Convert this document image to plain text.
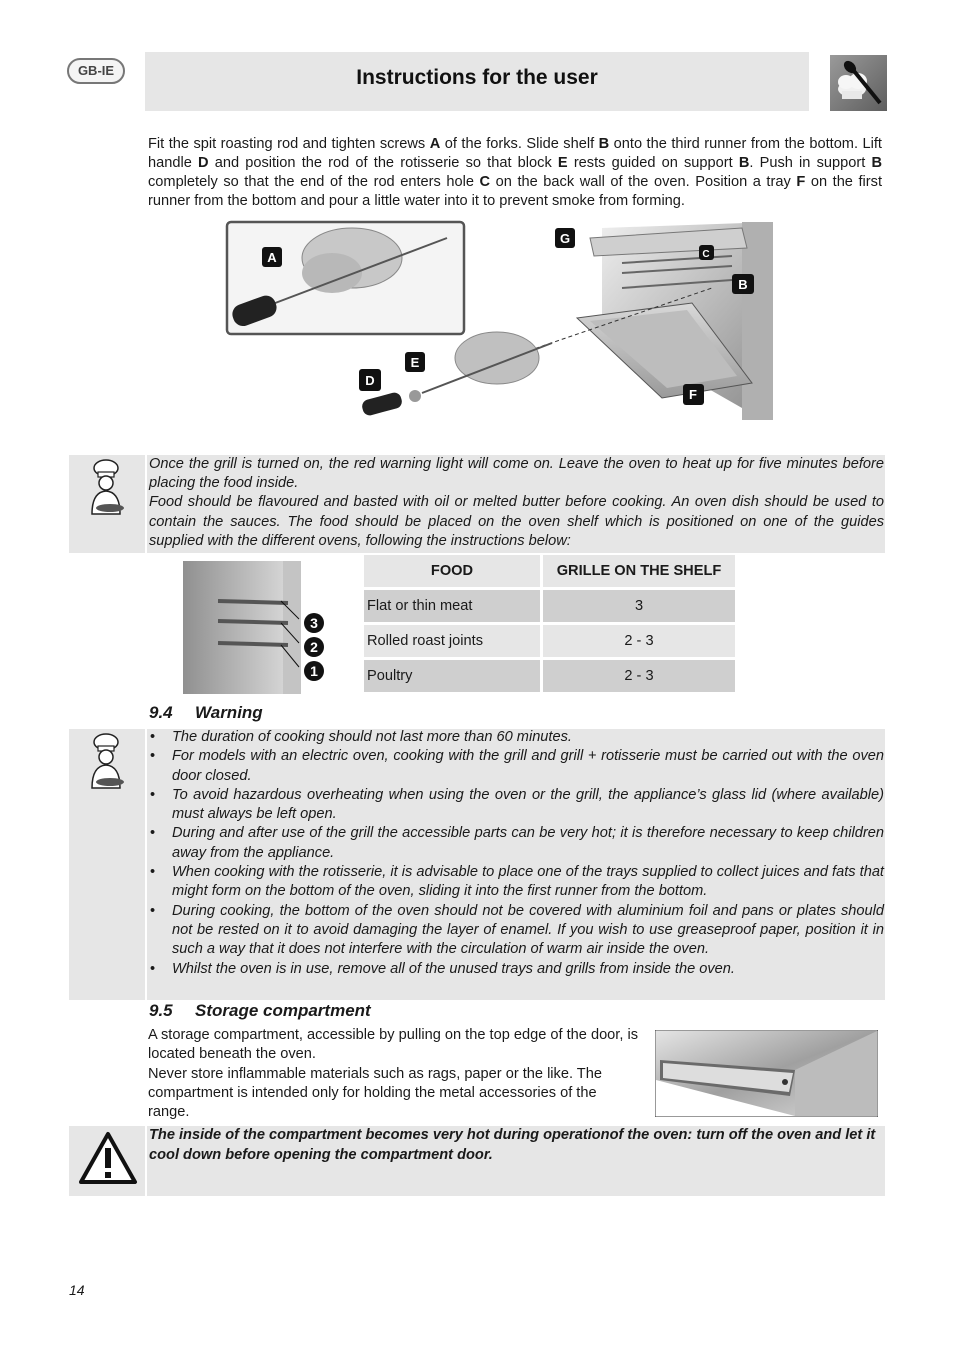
GB-IE	Instructions for the user
Fit the spit roasting rod and tighten screws A of the forks. Slide shelf B onto the third runner from the bottom. Lift handle D and position the rod of the rotisserie so that block E rests guided on support B. Push in support B completely so that the end of the rod enters hole C on the back wall of the oven. Position a tray F on the first runner from the bottom and pour a little water into it to prevent smoke from forming.
A
G
C
B
E
D
F
Once the grill is turned on, the red warning light will come on. Leave the oven to heat up for five minutes before placing the food inside.
Food should be flavoured and basted with oil or melted butter before cooking. An oven dish should be used to contain the sauces. The food should be placed on the oven shelf which is positioned on one of the guides supplied with the different ovens, following the instructions below:
3
2
1
FOOD	GRILLE ON THE SHELF
Flat or thin meat	3
Rolled roast joints	2 - 3
Poultry	2 - 3
9.4 Warning
• The duration of cooking should not last more than 60 minutes.
• For models with an electric oven, cooking with the grill and grill + rotisserie must be carried out with the oven door closed.
• To avoid hazardous overheating when using the oven or the grill, the appliance’s glass lid (where available) must always be left open.
• During and after use of the grill the accessible parts can be very hot; it is therefore necessary to keep children away from the appliance.
• When cooking with the rotisserie, it is advisable to place one of the trays supplied to collect juices and fats that might form on the bottom of the oven, sliding it into the first runner from the bottom.
• During cooking, the bottom of the oven should not be covered with aluminium foil and pans or plates should not be rested on it to avoid damaging the layer of enamel. If you wish to use greaseproof paper, position it in such a way that it does not interfere with the circulation of warm air inside the oven.
• Whilst the oven is in use, remove all of the unused trays and grills from inside the oven.
9.5 Storage compartment
A storage compartment, accessible by pulling on the top edge of the door, is located beneath the oven.
Never store inflammable materials such as rags, paper or the like. The compartment is intended only for holding the metal accessories of the range.
The inside of the compartment becomes very hot during operationof the oven: turn off the oven and let it cool down before opening the compartment door.
14
